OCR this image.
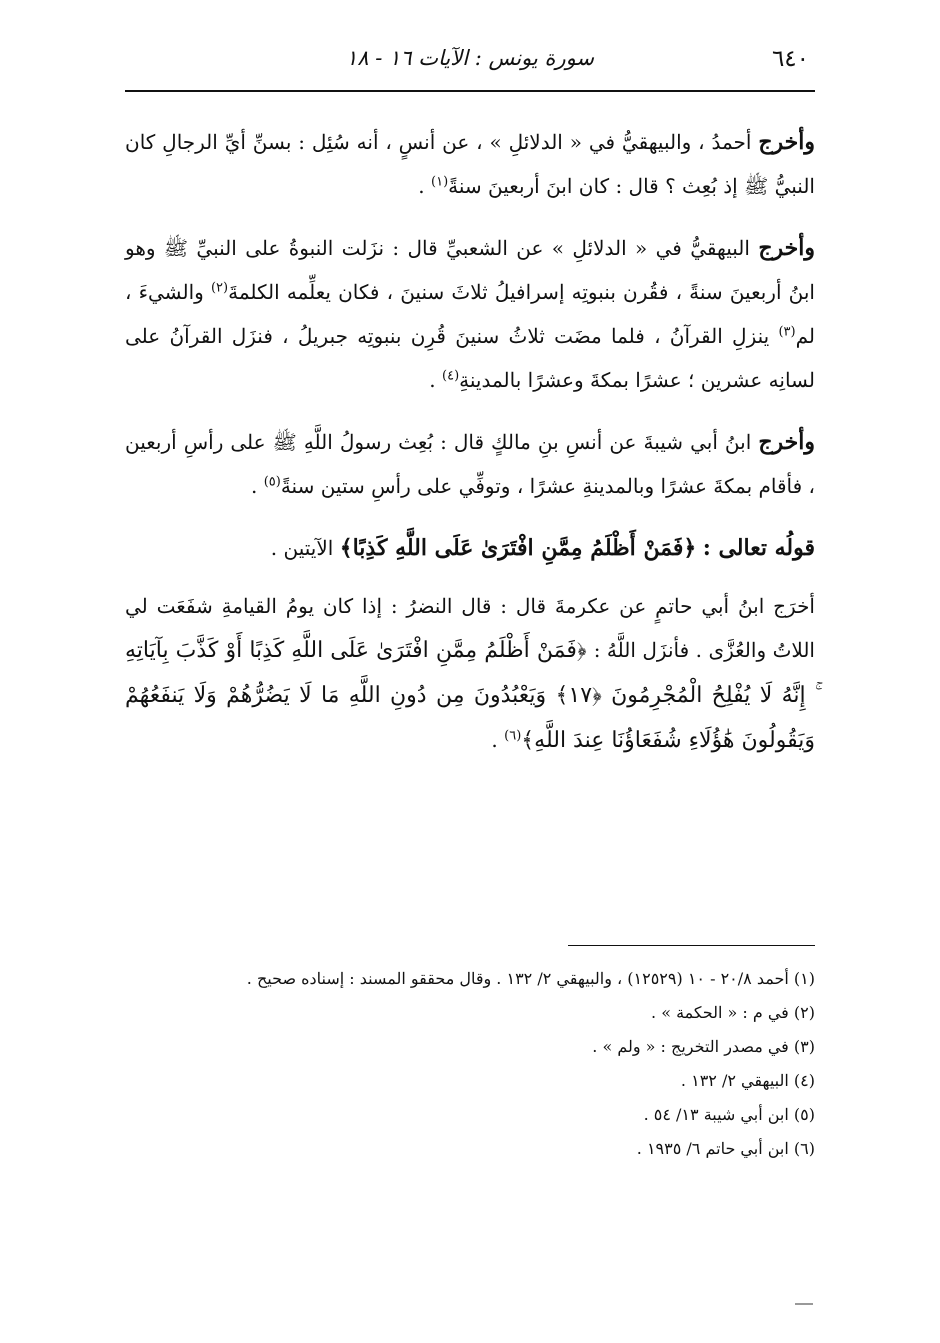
٦٤٠
سورة يونس : الآيات ١٦ - ١٨

وأخرج أحمدُ ، والبيهقيُّ في « الدلائلِ » ، عن أنسٍ ، أنه سُئِل : بسنِّ أيِّ الرجالِ كان النبيُّ ﷺ إذ بُعِث ؟ قال : كان ابنَ أربعينَ سنةً$^{(١)}$ .

وأخرج البيهقيُّ في « الدلائلِ » عن الشعبيِّ قال : نزَلت النبوةُ على النبيِّ ﷺ وهو ابنُ أربعينَ سنةً ، فقُرن بنبوتِه إسرافيلُ ثلاثَ سنينَ ، فكان يعلِّمه الكلمةَ$^{(٢)}$ والشيءَ ، لم$^{(٣)}$ ينزلِ القرآنُ ، فلما مضَت ثلاثُ سنينَ قُرِن بنبوتِه جبريلُ ، فنزَل القرآنُ على لسانِه عشرين ؛ عشرًا بمكةَ وعشرًا بالمدينةِ$^{(٤)}$ .

وأخرج ابنُ أبي شيبةَ عن أنسِ بنِ مالكٍ قال : بُعِث رسولُ اللَّهِ ﷺ على رأسِ أربعين ، فأقام بمكةَ عشرًا وبالمدينةِ عشرًا ، وتوفِّي على رأسِ ستين سنةً$^{(٥)}$ .

قولُه تعالى : ﴿فَمَنْ أَظْلَمُ مِمَّنِ افْتَرَىٰ عَلَى اللَّهِ كَذِبًا﴾ الآيتين .

أخرَج ابنُ أبي حاتمٍ عن عكرمةَ قال : قال النضرُ : إذا كان يومُ القيامةِ شفَعَت لي اللاتُ والعُزَّى . فأنزَل اللَّهُ : ﴿فَمَنْ أَظْلَمُ مِمَّنِ افْتَرَىٰ عَلَى اللَّهِ كَذِبًا أَوْ كَذَّبَ بِآيَاتِهِ ۚ إِنَّهُ لَا يُفْلِحُ الْمُجْرِمُونَ ﴿١٧﴾ وَيَعْبُدُونَ مِن دُونِ اللَّهِ مَا لَا يَضُرُّهُمْ وَلَا يَنفَعُهُمْ وَيَقُولُونَ هَٰؤُلَاءِ شُفَعَاؤُنَا عِندَ اللَّهِ﴾$^{(٦)}$ .

(١) أحمد ٢٠/٨ - ١٠ (١٢٥٢٩) ، والبيهقي ٢/ ١٣٢ . وقال محققو المسند : إسناده صحيح .

(٢) في م : « الحكمة » .

(٣) في مصدر التخريج : « ولم » .

(٤) البيهقي ٢/ ١٣٢ .

(٥) ابن أبي شيبة ١٣/ ٥٤ .

(٦) ابن أبي حاتم ٦/ ١٩٣٥ .
